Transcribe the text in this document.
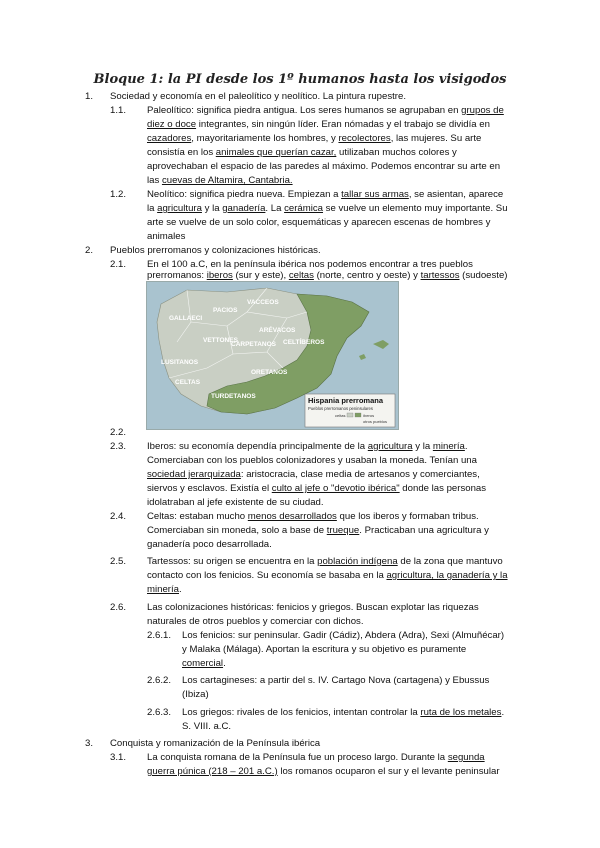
Bloque 1: la PI desde los 1º humanos hasta los visigodos
1. Sociedad y economía en el paleolítico y neolítico. La pintura rupestre.
1.1. Paleolítico: significa piedra antigua. Los seres humanos se agrupaban en grupos de
diez o doce integrantes, sin ningún líder. Eran nómadas y el trabajo se dividía en
cazadores, mayoritariamente los hombres, y recolectores, las mujeres. Su arte
consistía en los animales que querían cazar, utilizaban muchos colores y
aprovechaban el espacio de las paredes al máximo. Podemos encontrar su arte en
las cuevas de Altamira, Cantabria.
1.2. Neolítico: significa piedra nueva. Empiezan a tallar sus armas, se asientan, aparece
la agricultura y la ganadería. La cerámica se vuelve un elemento muy importante. Su
arte se vuelve de un solo color, esquemáticas y aparecen escenas de hombres y
animales
2. Pueblos prerromanos y colonizaciones históricas.
2.1. En el 100 a.C, en la península ibérica nos podemos encontrar a tres pueblos
prerromanos: iberos (sur y este), celtas (norte, centro y oeste) y tartessos (sudoeste)
GALLAECI
PACIOS
VACCEOS
ARÉVACOS
LUSITANOS
CELTÍBEROS
CARPETANOS
VETTONES
ORETANOS
TURDETANOS
CELTAS
Hispania prerromana
Pueblos prerromanos peninsulares
celtas	íberos
otros pueblos
2.2.
2.3. Iberos: su economía dependía principalmente de la agricultura y la minería.
Comerciaban con los pueblos colonizadores y usaban la moneda. Tenían una
sociedad jerarquizada: aristocracia, clase media de artesanos y comerciantes,
siervos y esclavos. Existía el culto al jefe o "devotio ibérica" donde las personas
idolatraban al jefe existente de su ciudad.
2.4. Celtas: estaban mucho menos desarrollados que los iberos y formaban tribus.
Comerciaban sin moneda, solo a base de trueque. Practicaban una agricultura y
ganadería poco desarrollada.
2.5. Tartessos: su origen se encuentra en la población indígena de la zona que mantuvo
contacto con los fenicios. Su economía se basaba en la agricultura, la ganadería y la
minería.
2.6. Las colonizaciones históricas: fenicios y griegos. Buscan explotar las riquezas
naturales de otros pueblos y comerciar con dichos.
2.6.1. Los fenicios: sur peninsular. Gadir (Cádiz), Abdera (Adra), Sexi (Almuñécar)
y Malaka (Málaga). Aportan la escritura y su objetivo es puramente
comercial.
2.6.2. Los cartagineses: a partir del s. IV. Cartago Nova (cartagena) y Ebussus
(Ibiza)
2.6.3. Los griegos: rivales de los fenicios, intentan controlar la ruta de los metales.
S. VIII. a.C.
3. Conquista y romanización de la Península ibérica
3.1. La conquista romana de la Península fue un proceso largo. Durante la segunda
guerra púnica (218 – 201 a.C.) los romanos ocuparon el sur y el levante peninsular
